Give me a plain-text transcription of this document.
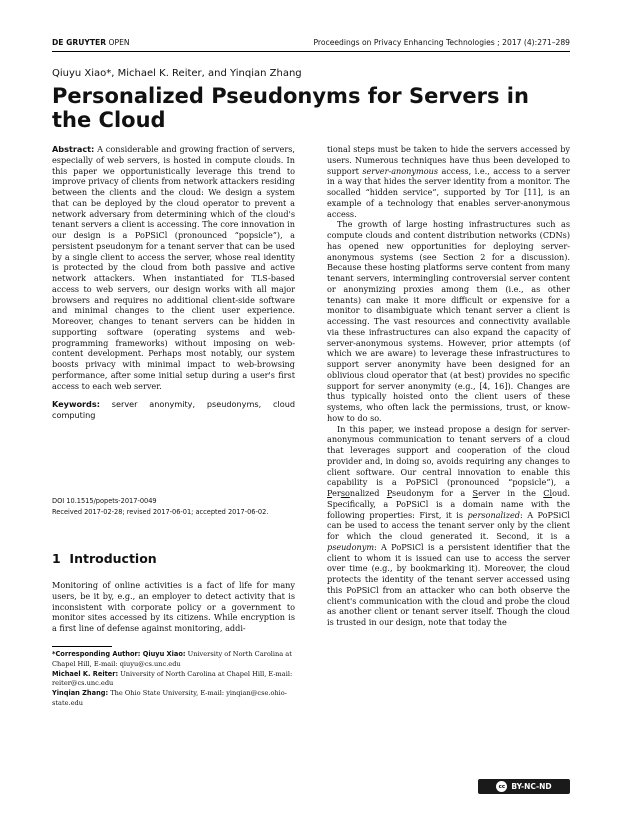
DE GRUYTER OPEN	Proceedings on Privacy Enhancing Technologies ; 2017 (4):271–289
Qiuyu Xiao*, Michael K. Reiter, and Yinqian Zhang
Personalized Pseudonyms for Servers in the Cloud

Abstract: A considerable and growing fraction of servers, especially of web servers, is hosted in compute clouds. In this paper we opportunistically leverage this trend to improve privacy of clients from network attackers residing between the clients and the cloud: We design a system that can be deployed by the cloud operator to prevent a network adversary from determining which of the cloud's tenant servers a client is accessing. The core innovation in our design is a PoPSiCl (pronounced “popsicle”), a persistent pseudonym for a tenant server that can be used by a single client to access the server, whose real identity is protected by the cloud from both passive and active network attackers. When instantiated for TLS-based access to web servers, our design works with all major browsers and requires no additional client-side software and minimal changes to the client user experience. Moreover, changes to tenant servers can be hidden in supporting software (operating systems and web-programming frameworks) without imposing on web-content development. Perhaps most notably, our system boosts privacy with minimal impact to web-browsing performance, after some initial setup during a user's first access to each web server.

Keywords: server anonymity, pseudonyms, cloud computing

DOI 10.1515/popets-2017-0049
Received 2017-02-28; revised 2017-06-01; accepted 2017-06-02.
1 Introduction

Monitoring of online activities is a fact of life for many users, be it by, e.g., an employer to detect activity that is inconsistent with corporate policy or a government to monitor sites accessed by its citizens. While encryption is a first line of defense against monitoring, addi-

*Corresponding Author: Qiuyu Xiao: University of North Carolina at Chapel Hill, E-mail: qiuyu@cs.unc.edu
Michael K. Reiter: University of North Carolina at Chapel Hill, E-mail: reiter@cs.unc.edu
Yinqian Zhang: The Ohio State University, E-mail: yinqian@cse.ohio-state.edu

tional steps must be taken to hide the servers accessed by users. Numerous techniques have thus been developed to support server-anonymous access, i.e., access to a server in a way that hides the server identity from a monitor. The socalled “hidden service”, supported by Tor [11], is an example of a technology that enables server-anonymous access.

The growth of large hosting infrastructures such as compute clouds and content distribution networks (CDNs) has opened new opportunities for deploying server-anonymous systems (see Section 2 for a discussion). Because these hosting platforms serve content from many tenant servers, intermingling controversial server content or anonymizing proxies among them (i.e., as other tenants) can make it more difficult or expensive for a monitor to disambiguate which tenant server a client is accessing. The vast resources and connectivity available via these infrastructures can also expand the capacity of server-anonymous systems. However, prior attempts (of which we are aware) to leverage these infrastructures to support server anonymity have been designed for an oblivious cloud operator that (at best) provides no specific support for server anonymity (e.g., [4, 16]). Changes are thus typically hoisted onto the client users of these systems, who often lack the permissions, trust, or know-how to do so.

In this paper, we instead propose a design for server-anonymous communication to tenant servers of a cloud that leverages support and cooperation of the cloud provider and, in doing so, avoids requiring any changes to client software. Our central innovation to enable this capability is a PoPSiCl (pronounced “popsicle”), a Personalized Pseudonym for a Server in the Cloud. Specifically, a PoPSiCl is a domain name with the following properties: First, it is personalized: A PoPSiCl can be used to access the tenant server only by the client for which the cloud generated it. Second, it is a pseudonym: A PoPSiCl is a persistent identifier that the client to whom it is issued can use to access the server over time (e.g., by bookmarking it). Moreover, the cloud protects the identity of the tenant server accessed using this PoPSiCl from an attacker who can both observe the client's communication with the cloud and probe the cloud as another client or tenant server itself. Though the cloud is trusted in our design, note that today the

cc BY-NC-ND
